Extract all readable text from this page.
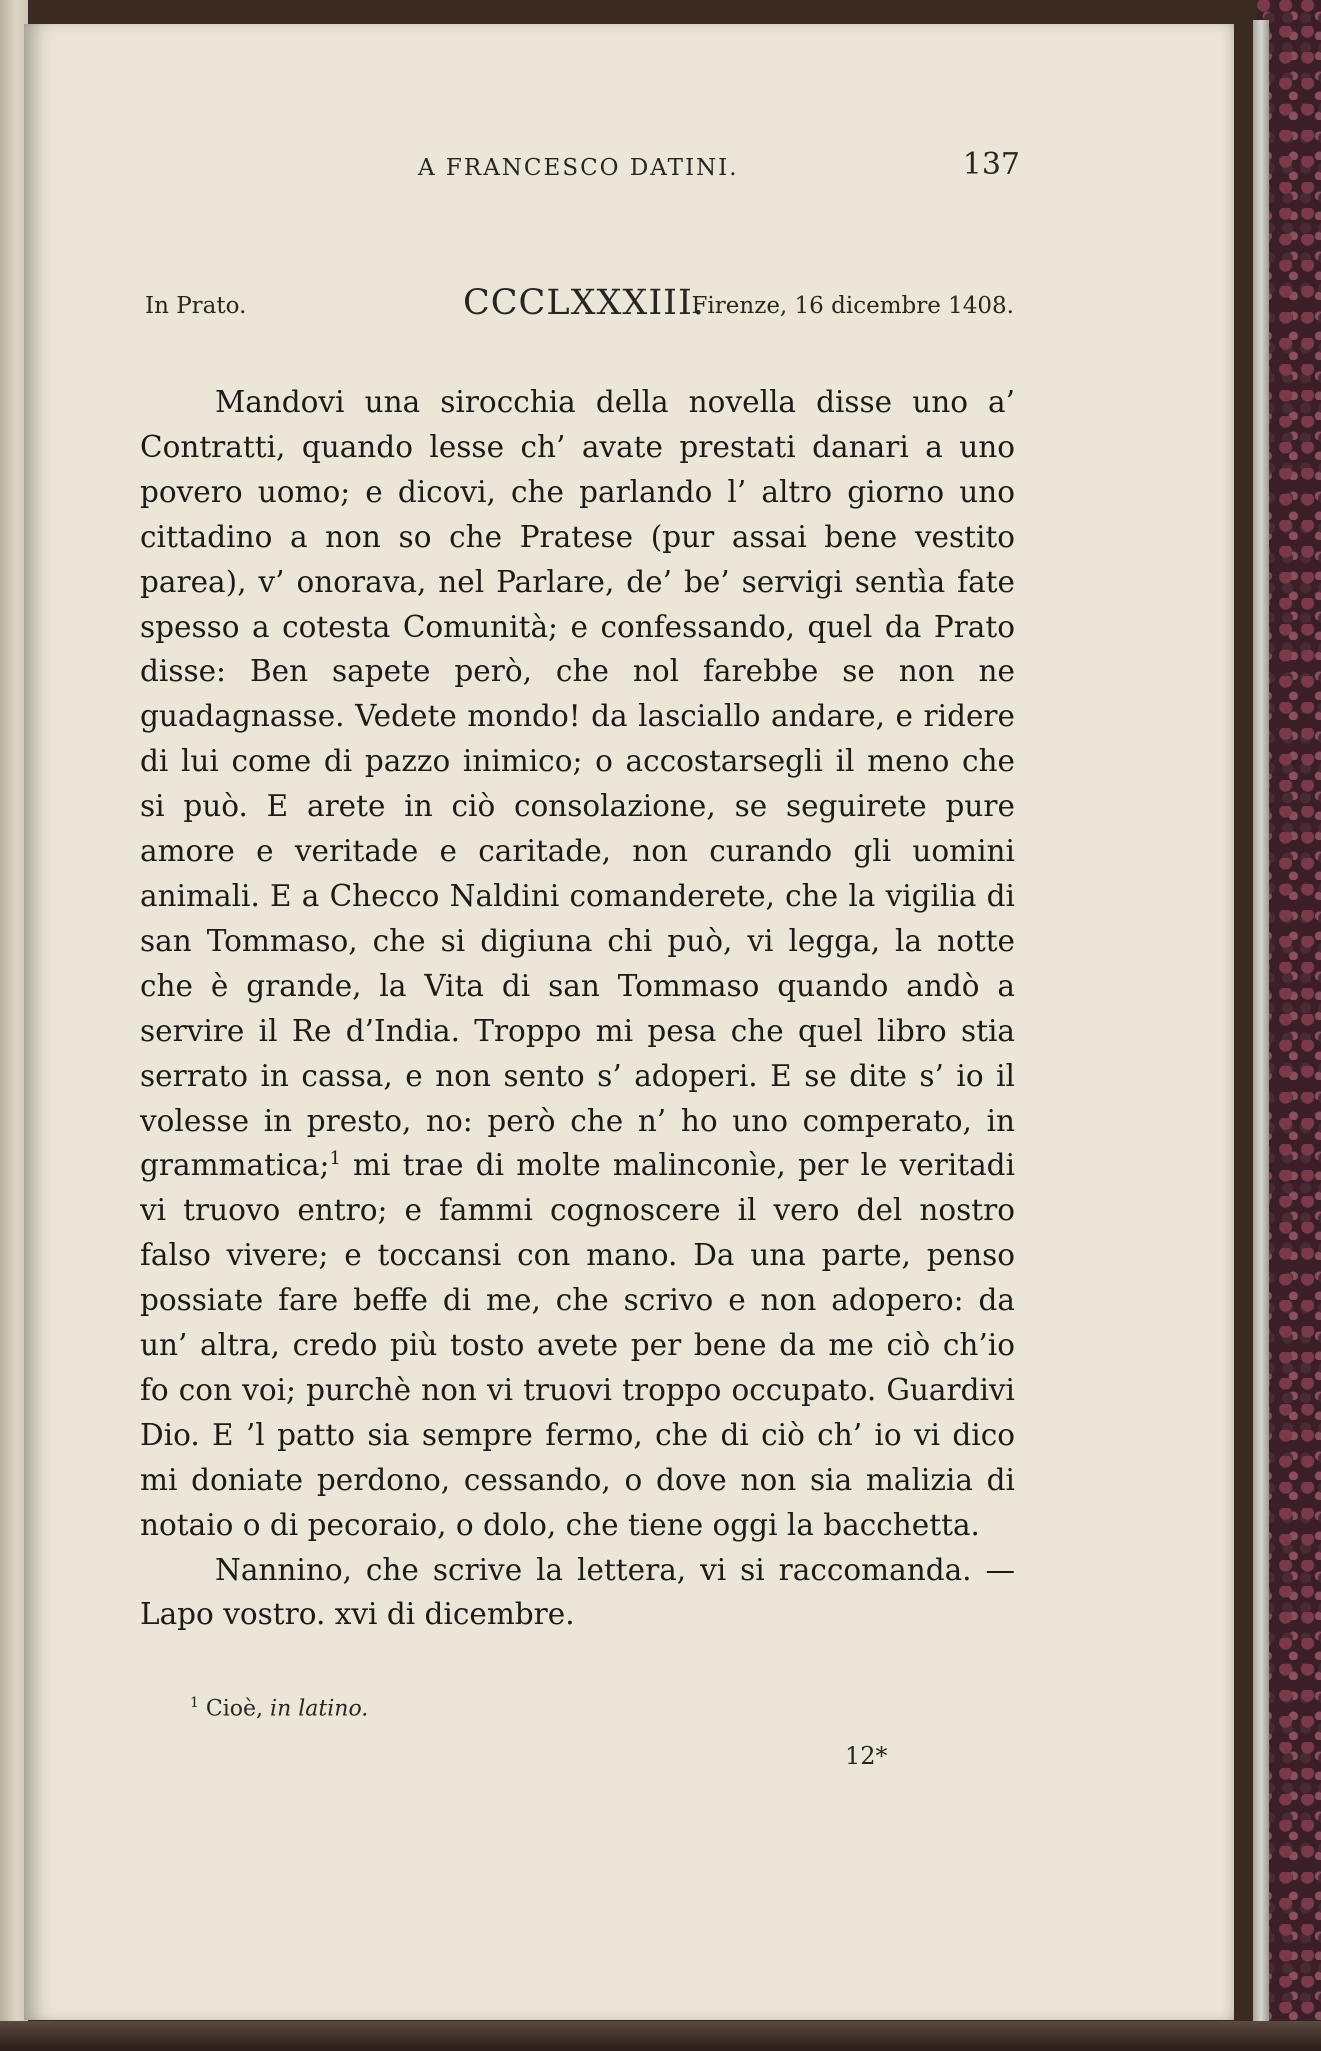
A FRANCESCO DATINI.	137
In Prato.	CCCLXXXIII.
Firenze, 16 dicembre 1408.

Mandovi una sirocchia della novella disse uno a’ Contratti, quando lesse ch’ avate prestati danari a uno povero uomo; e dicovi, che parlando l’ altro giorno uno cittadino a non so che Pratese (pur assai bene vestito parea), v’ onorava, nel Parlare, de’ be’ servigi sentìa fate spesso a cotesta Comunità; e confessando, quel da Prato disse: Ben sapete però, che nol farebbe se non ne guadagnasse. Vedete mondo! da lasciallo andare, e ridere di lui come di pazzo inimico; o accostarsegli il meno che si può. E arete in ciò consolazione, se seguirete pure amore e veritade e caritade, non curando gli uomini animali. E a Checco Naldini comanderete, che la vigilia di san Tommaso, che si digiuna chi può, vi legga, la notte che è grande, la Vita di san Tommaso quando andò a servire il Re d’India. Troppo mi pesa che quel libro stia serrato in cassa, e non sento s’ adoperi. E se dite s’ io il volesse in presto, no: però che n’ ho uno comperato, in grammatica;$^1$ mi trae di molte malinconìe, per le veritadi vi truovo entro; e fammi cognoscere il vero del nostro falso vivere; e toccansi con mano. Da una parte, penso possiate fare beffe di me, che scrivo e non adopero: da un’ altra, credo più tosto avete per bene da me ciò ch’io fo con voi; purchè non vi truovi troppo occupato. Guardivi Dio. E ’l patto sia sempre fermo, che di ciò ch’ io vi dico mi doniate perdono, cessando, o dove non sia malizia di notaio o di pecoraio, o dolo, che tiene oggi la bacchetta.

Nannino, che scrive la lettera, vi si raccomanda. — Lapo vostro. xvi di dicembre.

$^1$ Cioè, in latino.
12*
